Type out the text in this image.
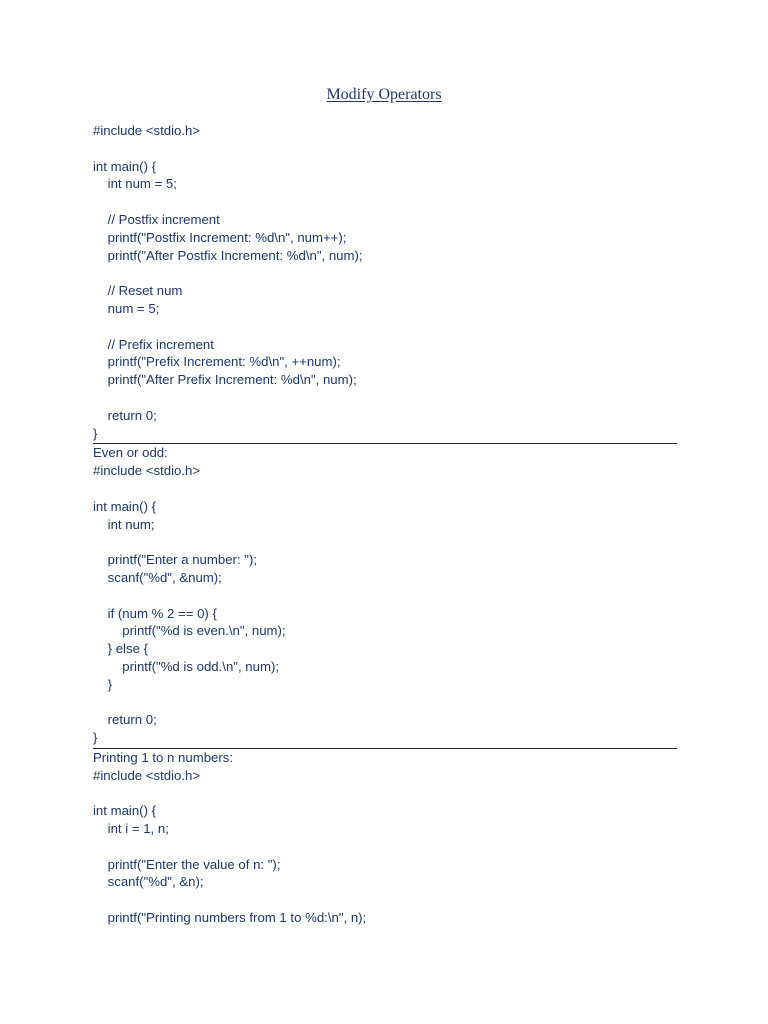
Modify Operators
#include <stdio.h>
int main() {
int num = 5;
// Postfix increment
printf("Postfix Increment: %d\n", num++);
printf("After Postfix Increment: %d\n", num);
// Reset num
num = 5;
// Prefix increment
printf("Prefix Increment: %d\n", ++num);
printf("After Prefix Increment: %d\n", num);
return 0;
}
Even or odd:
#include <stdio.h>
int main() {
int num;
printf("Enter a number: ");
scanf("%d", &num);
if (num % 2 == 0) {
printf("%d is even.\n", num);
} else {
printf("%d is odd.\n", num);
}
return 0;
}
Printing 1 to n numbers:
#include <stdio.h>
int main() {
int i = 1, n;
printf("Enter the value of n: ");
scanf("%d", &n);
printf("Printing numbers from 1 to %d:\n", n);
